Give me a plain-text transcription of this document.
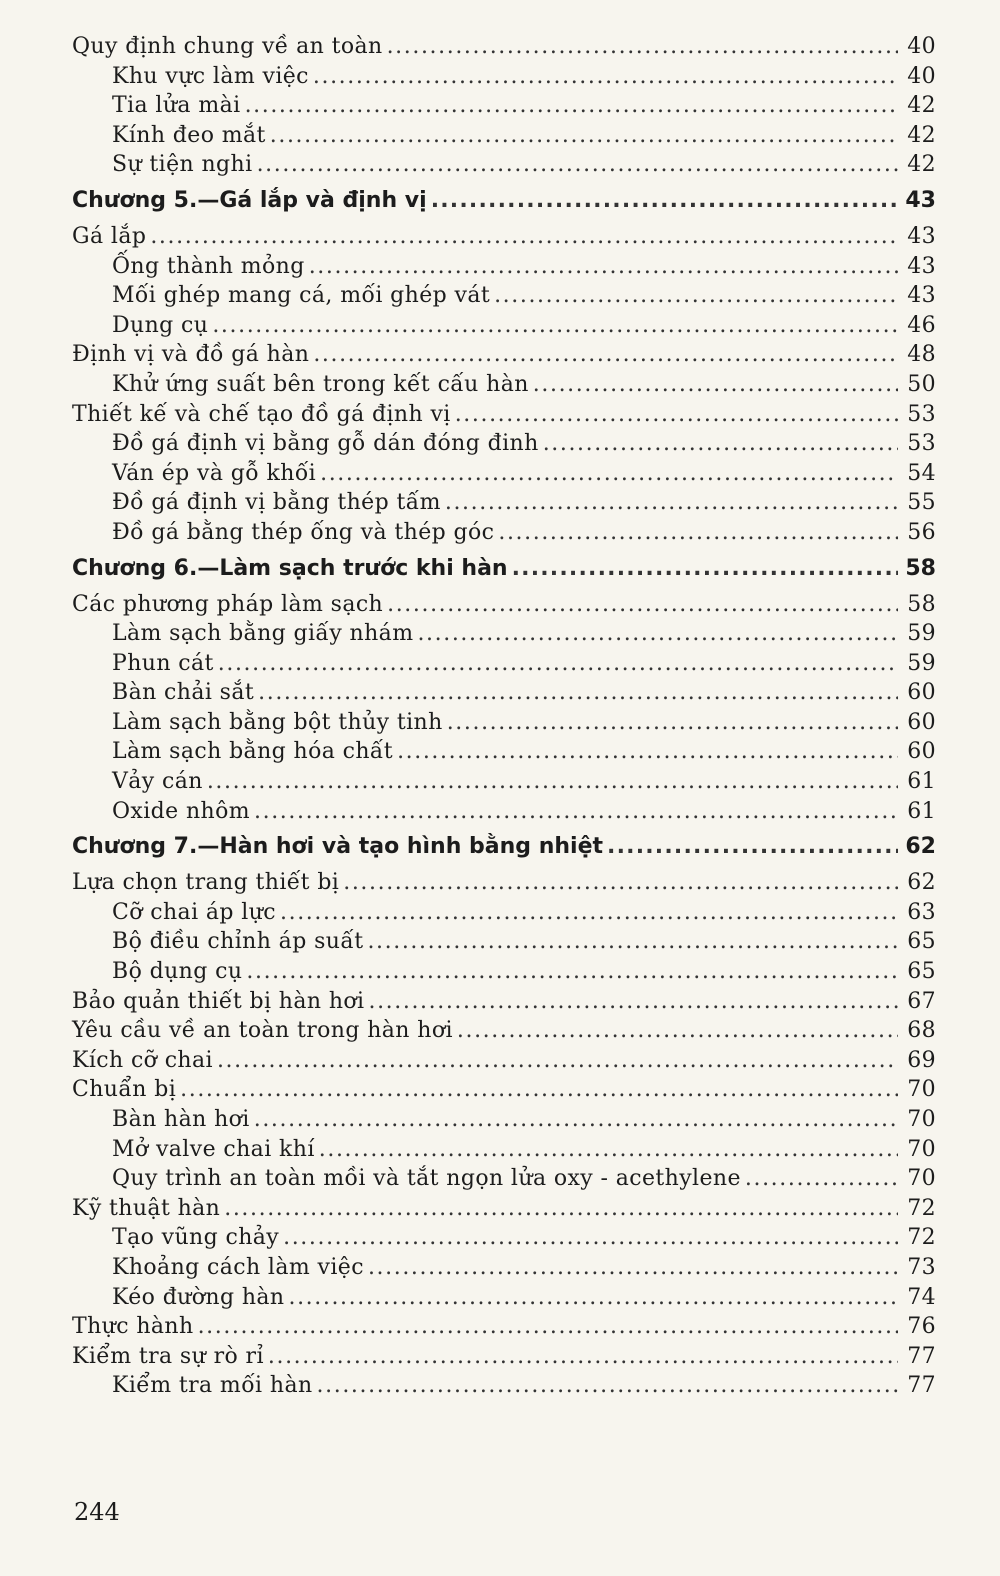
Quy định chung về an toàn .....	40
Khu vực làm việc .....	40
Tia lửa mài .....	42
Kính đeo mắt .....	42
Sự tiện nghi .....	42
Chương 5.—Gá lắp và định vị .....	43
Gá lắp .....	43
Ống thành mỏng .....	43
Mối ghép mang cá, mối ghép vát .....	43
Dụng cụ .....	46
Định vị và đồ gá hàn .....	48
Khử ứng suất bên trong kết cấu hàn .....	50
Thiết kế và chế tạo đồ gá định vị .....	53
Đồ gá định vị bằng gỗ dán đóng đinh .....	53
Ván ép và gỗ khối .....	54
Đồ gá định vị bằng thép tấm .....	55
Đồ gá bằng thép ống và thép góc .....	56
Chương 6.—Làm sạch trước khi hàn .....	58
Các phương pháp làm sạch .....	58
Làm sạch bằng giấy nhám .....	59
Phun cát .....	59
Bàn chải sắt .....	60
Làm sạch bằng bột thủy tinh .....	60
Làm sạch bằng hóa chất .....	60
Vảy cán .....	61
Oxide nhôm .....	61
Chương 7.—Hàn hơi và tạo hình bằng nhiệt .....	62
Lựa chọn trang thiết bị .....	62
Cỡ chai áp lực .....	63
Bộ điều chỉnh áp suất .....	65
Bộ dụng cụ .....	65
Bảo quản thiết bị hàn hơi .....	67
Yêu cầu về an toàn trong hàn hơi .....	68
Kích cỡ chai .....	69
Chuẩn bị .....	70
Bàn hàn hơi .....	70
Mở valve chai khí .....	70
Quy trình an toàn mồi và tắt ngọn lửa oxy - acethylene .....	70
Kỹ thuật hàn .....	72
Tạo vũng chảy .....	72
Khoảng cách làm việc .....	73
Kéo đường hàn .....	74
Thực hành .....	76
Kiểm tra sự rò rỉ .....	77
Kiểm tra mối hàn .....	77
244
